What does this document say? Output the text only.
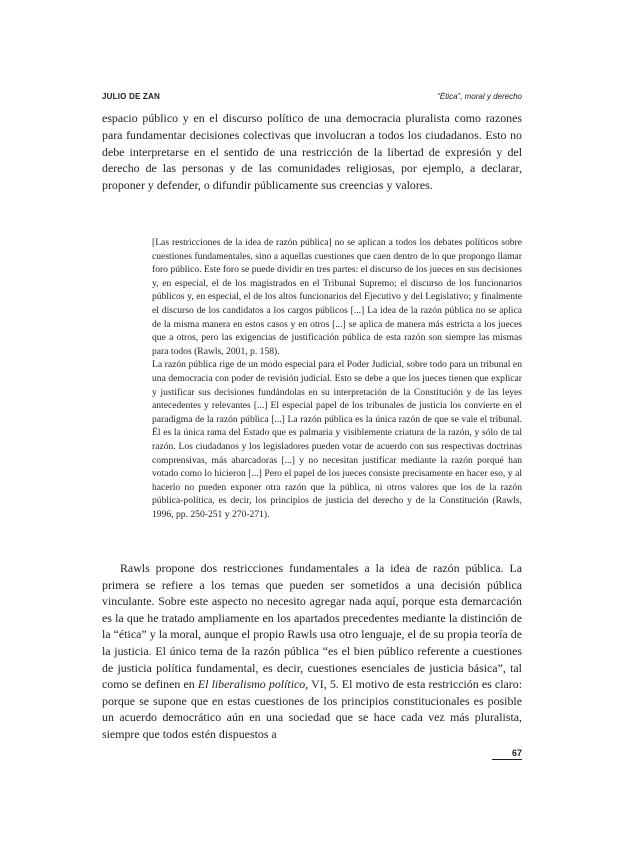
JULIO DE ZAN	“Ética”, moral y derecho

espacio público y en el discurso político de una democracia pluralista como razones para fundamentar decisiones colectivas que involucran a todos los ciudadanos. Esto no debe interpretarse en el sentido de una restricción de la libertad de expresión y del derecho de las personas y de las comunidades religiosas, por ejemplo, a declarar, proponer y defender, o difundir públicamente sus creencias y valores.

[Las restricciones de la idea de razón pública] no se aplican a todos los debates políticos sobre cuestiones fundamentales, sino a aquellas cuestiones que caen dentro de lo que propongo llamar foro público. Este foro se puede dividir en tres partes: el discurso de los jueces en sus decisiones y, en especial, el de los magistrados en el Tribunal Supremo; el discurso de los funcionarios públicos y, en especial, el de los altos funcionarios del Ejecutivo y del Legislativo; y finalmente el discurso de los candidatos a los cargos públicos [...] La idea de la razón pública no se aplica de la misma manera en estos casos y en otros [...] se aplica de manera más estricta a los jueces que a otros, pero las exigencias de justificación pública de esta razón son siempre las mismas para todos (Rawls, 2001, p. 158).

La razón pública rige de un modo especial para el Poder Judicial, sobre todo para un tribunal en una democracia con poder de revisión judicial. Esto se debe a que los jueces tienen que explicar y justificar sus decisiones fundándolas en su interpretación de la Constitución y de las leyes antecedentes y relevantes [...] El especial papel de los tribunales de justicia los convierte en el paradigma de la razón pública [...] La razón pública es la única razón de que se vale el tribunal. Él es la única rama del Estado que es palmaria y visiblemente criatura de la razón, y sólo de tal razón. Los ciudadanos y los legisladores pueden votar de acuerdo con sus respectivas doctrinas comprensivas, más abarcadoras [...] y no necesitan justificar mediante la razón porqué han votado como lo hicieron [...] Pero el papel de los jueces consiste precisamente en hacer eso, y al hacerlo no pueden exponer otra razón que la pública, ni otros valores que los de la razón pública-política, es decir, los principios de justicia del derecho y de la Constitución (Rawls, 1996, pp. 250-251 y 270-271).

Rawls propone dos restricciones fundamentales a la idea de razón pública. La primera se refiere a los temas que pueden ser sometidos a una decisión pública vinculante. Sobre este aspecto no necesito agregar nada aquí, porque esta demarcación es la que he tratado ampliamente en los apartados precedentes mediante la distinción de la “ética” y la moral, aunque el propio Rawls usa otro lenguaje, el de su propia teoría de la justicia. El único tema de la razón pública “es el bien público referente a cuestiones de justicia política fundamental, es decir, cuestiones esenciales de justicia básica”, tal como se definen en El liberalismo político, VI, 5. El motivo de esta restricción es claro: porque se supone que en estas cuestiones de los principios constitucionales es posible un acuerdo democrático aún en una sociedad que se hace cada vez más pluralista, siempre que todos estén dispuestos a

67
